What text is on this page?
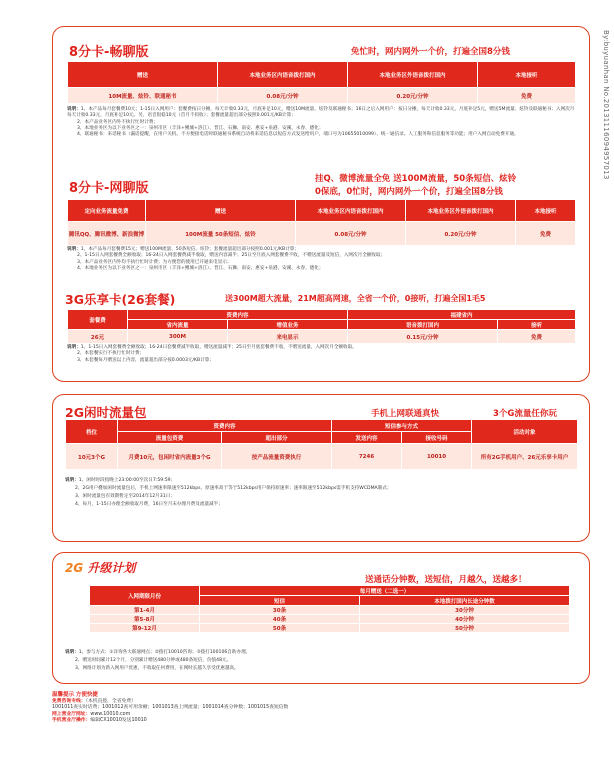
By:buyuanhan No.20131116094957013
8分卡-畅聊版	免忙时，网内网外一个价，打遍全国8分钱
赠送	本地业务区内语音拨打国内	本地业务区外语音拨打国内	本地接听
10M流量、炫铃、联通秘书	0.08元/分钟	0.20元/分钟	免费

说明：1、本产品每月套餐费10元；1-15日入网用户：套餐费按日分摊，每天计收0.33元，月底补足10元，赠送10M流量、炫铃及联通秘书；16日之后入网用户：按日分摊，每天计收0.33元，月底补足5元，赠送5M流量、炫铃及联通秘书；入网次月每天计收0.33元，月底补足10元。另，语音很稳10元（首月不扣收）；套餐流量超出部分按照0.001元/KB计算；

2、本产品业务区内外不执行忙时计费；

3、本地业务区为以下业务区之一：泉州市区（丰泽+鲤城+洛江）、晋江、石狮、南安、惠安+泉港、安溪、永春、德化；

4、联通秘书：来话秘书（漏话提醒，在用户关机、不方便接电话时联通秘书系统自动将来话信息以短信方式发送给用户，端口号为10655010099）、统一通信录。人工服务和信息服务等功能；用户入网自动免费开通。

8分卡-网聊版
挂Q、微博流量全免 送100M流量，50条短信、炫铃
0保底，0忙时，网内网外一个价，打遍全国8分钱
定向业务流量免费	赠送	本地业务区内语音拨打国内	本地业务区外语音拨打国内	本地接听
腾讯QQ、腾讯微博、新浪微博	100M流量 50条短信、炫铃	0.08元/分钟	0.20元/分钟	免费

说明：1、本产品每月套餐费15元；赠送100M流量、50条短信、炫铃；套餐流量超出部分按照0.001元/KB计算；

2、1-15日入网套餐费全额收取；16-24日入网套餐费减半收取，赠送内容减半；25日至月底入网套餐费不收，不赠送流量及短信，入网次月全额收取；

3、本产品业务区内外均不执行忙时计费；为方便您的使用已开通来电显示；

4、本地业务区为以下业务区之一：泉州市区（丰泽+鲤城+洛江）、晋江、石狮、南安、惠安+泉港、安溪、永春、德化；

3G乐享卡(26套餐)	送300M超大流量，21M超高网速，全省一个价，0接听，打遍全国1毛5
套餐费	资费内容		福建省内	
	省内流量	增值业务	语音拨打国内	接听
26元	300M	来电显示	0.15元/分钟	免费

说明：1、1-15日入网套餐费全额收取；16-24日套餐费减半收取，赠送流量减半；25日至月底套餐费不收，不赠送流量，入网次月全额收取。

2、本套餐实行不执行忙时计费；

3、本套餐每月赠送以上内容，流量超出部分按0.0003元/KB计算；

2G闲时流量包	手机上网联通真快	3个G流量任你玩
档位	资费内容		短信参与方式		活动对象
	流量包资费	超出部分	发送内容	接收号码	
10元3个G	月费10元，包闲时省内流量3个G	按产品流量资费执行	7246	10010	所有2G手机用户、26元乐享卡用户

说明：1、闲时时段指晚上23:00:00至次日7:59:59；

2、2G用户叠加闲时流量包后，手机上网速率限速至512kbps，原速率高于等于512kbps用户保持原速率；速率限速至512kbps需手机支持WCDMA制式；

3、闲时流量包有效期暂定至2014年12月31日；

4、每月，1-15日办理全额收取月费，16日至月末办理月费及流量减半；

2G 升级计划
送通话分钟数，送短信，月越久，送越多！
入网期限月份	每月赠送（二选一）	
	短信	本地拨打国内长途分钟数
第1-4月	30条	30分钟
第5-8月	40条	40分钟
第9-12月	50条	50分钟

说明：1、参与方式：①详询各大联通网点；②拨打10010咨询；③拨打100106自助办理。

2、赠送时间累计12个月，分别累计赠送480分钟或480条短信，价值48元。

3、网络计划为新入网用户优惠，不收取任何费用，在网时长越久享受优惠越高。

温馨提示 方便快捷
免费咨询专线：（本机直拨，全省免费）
1001011查实时话费；1001012查可用余额；1001013查上网流量；1001014查分钟数；1001015查短信数
网上营业厅网址：www.10010.com
手机营业厅操作：编辑CX10010发送10010
